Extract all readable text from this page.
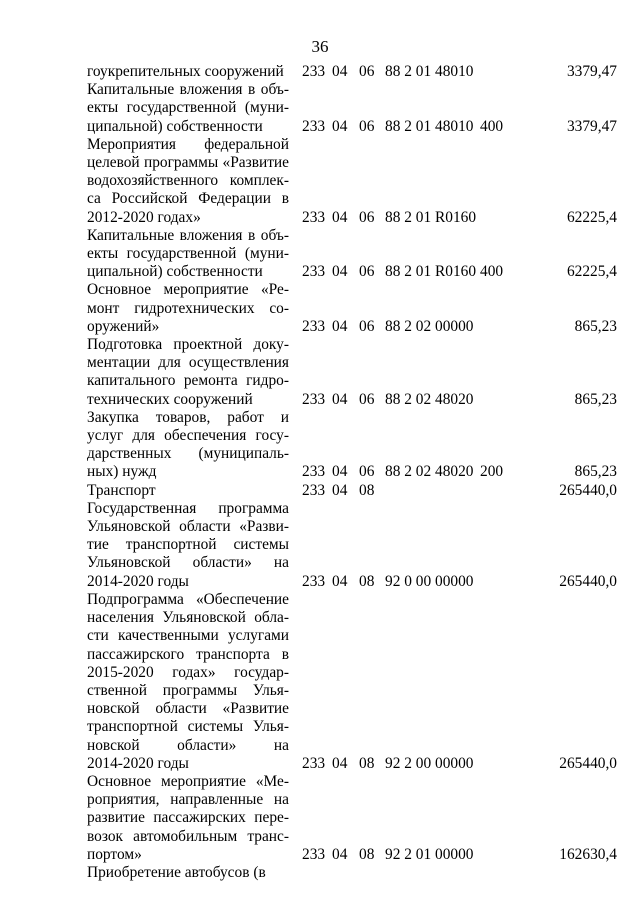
36
гоукрепительных сооружений	233 04 06 88 2 01 48010	3379,47
Капитальные вложения в объ-
екты государственной (муни-
ципальной) собственности	233 04 06 88 2 01 48010 400	3379,47
Мероприятия федеральной
целевой программы «Развитие
водохозяйственного комплек-
са Российской Федерации в
2012-2020 годах»	233 04 06 88 2 01 R0160	62225,4
Капитальные вложения в объ-
екты государственной (муни-
ципальной) собственности	233 04 06 88 2 01 R0160 400	62225,4
Основное мероприятие «Ре-
монт гидротехнических со-
оружений»	233 04 06 88 2 02 00000	865,23
Подготовка проектной доку-
ментации для осуществления
капитального ремонта гидро-
технических сооружений	233 04 06 88 2 02 48020	865,23
Закупка товаров, работ и
услуг для обеспечения госу-
дарственных (муниципаль-
ных) нужд	233 04 06 88 2 02 48020 200	865,23
Транспорт	233 04 08	265440,0
Государственная программа
Ульяновской области «Разви-
тие транспортной системы
Ульяновской области» на
2014-2020 годы	233 04 08 92 0 00 00000	265440,0
Подпрограмма «Обеспечение
населения Ульяновской обла-
сти качественными услугами
пассажирского транспорта в
2015-2020 годах» государ-
ственной программы Улья-
новской области «Развитие
транспортной системы Улья-
новской области» на
2014-2020 годы	233 04 08 92 2 00 00000	265440,0
Основное мероприятие «Ме-
роприятия, направленные на
развитие пассажирских пере-
возок автомобильным транс-
портом»	233 04 08 92 2 01 00000	162630,4
Приобретение автобусов (в
